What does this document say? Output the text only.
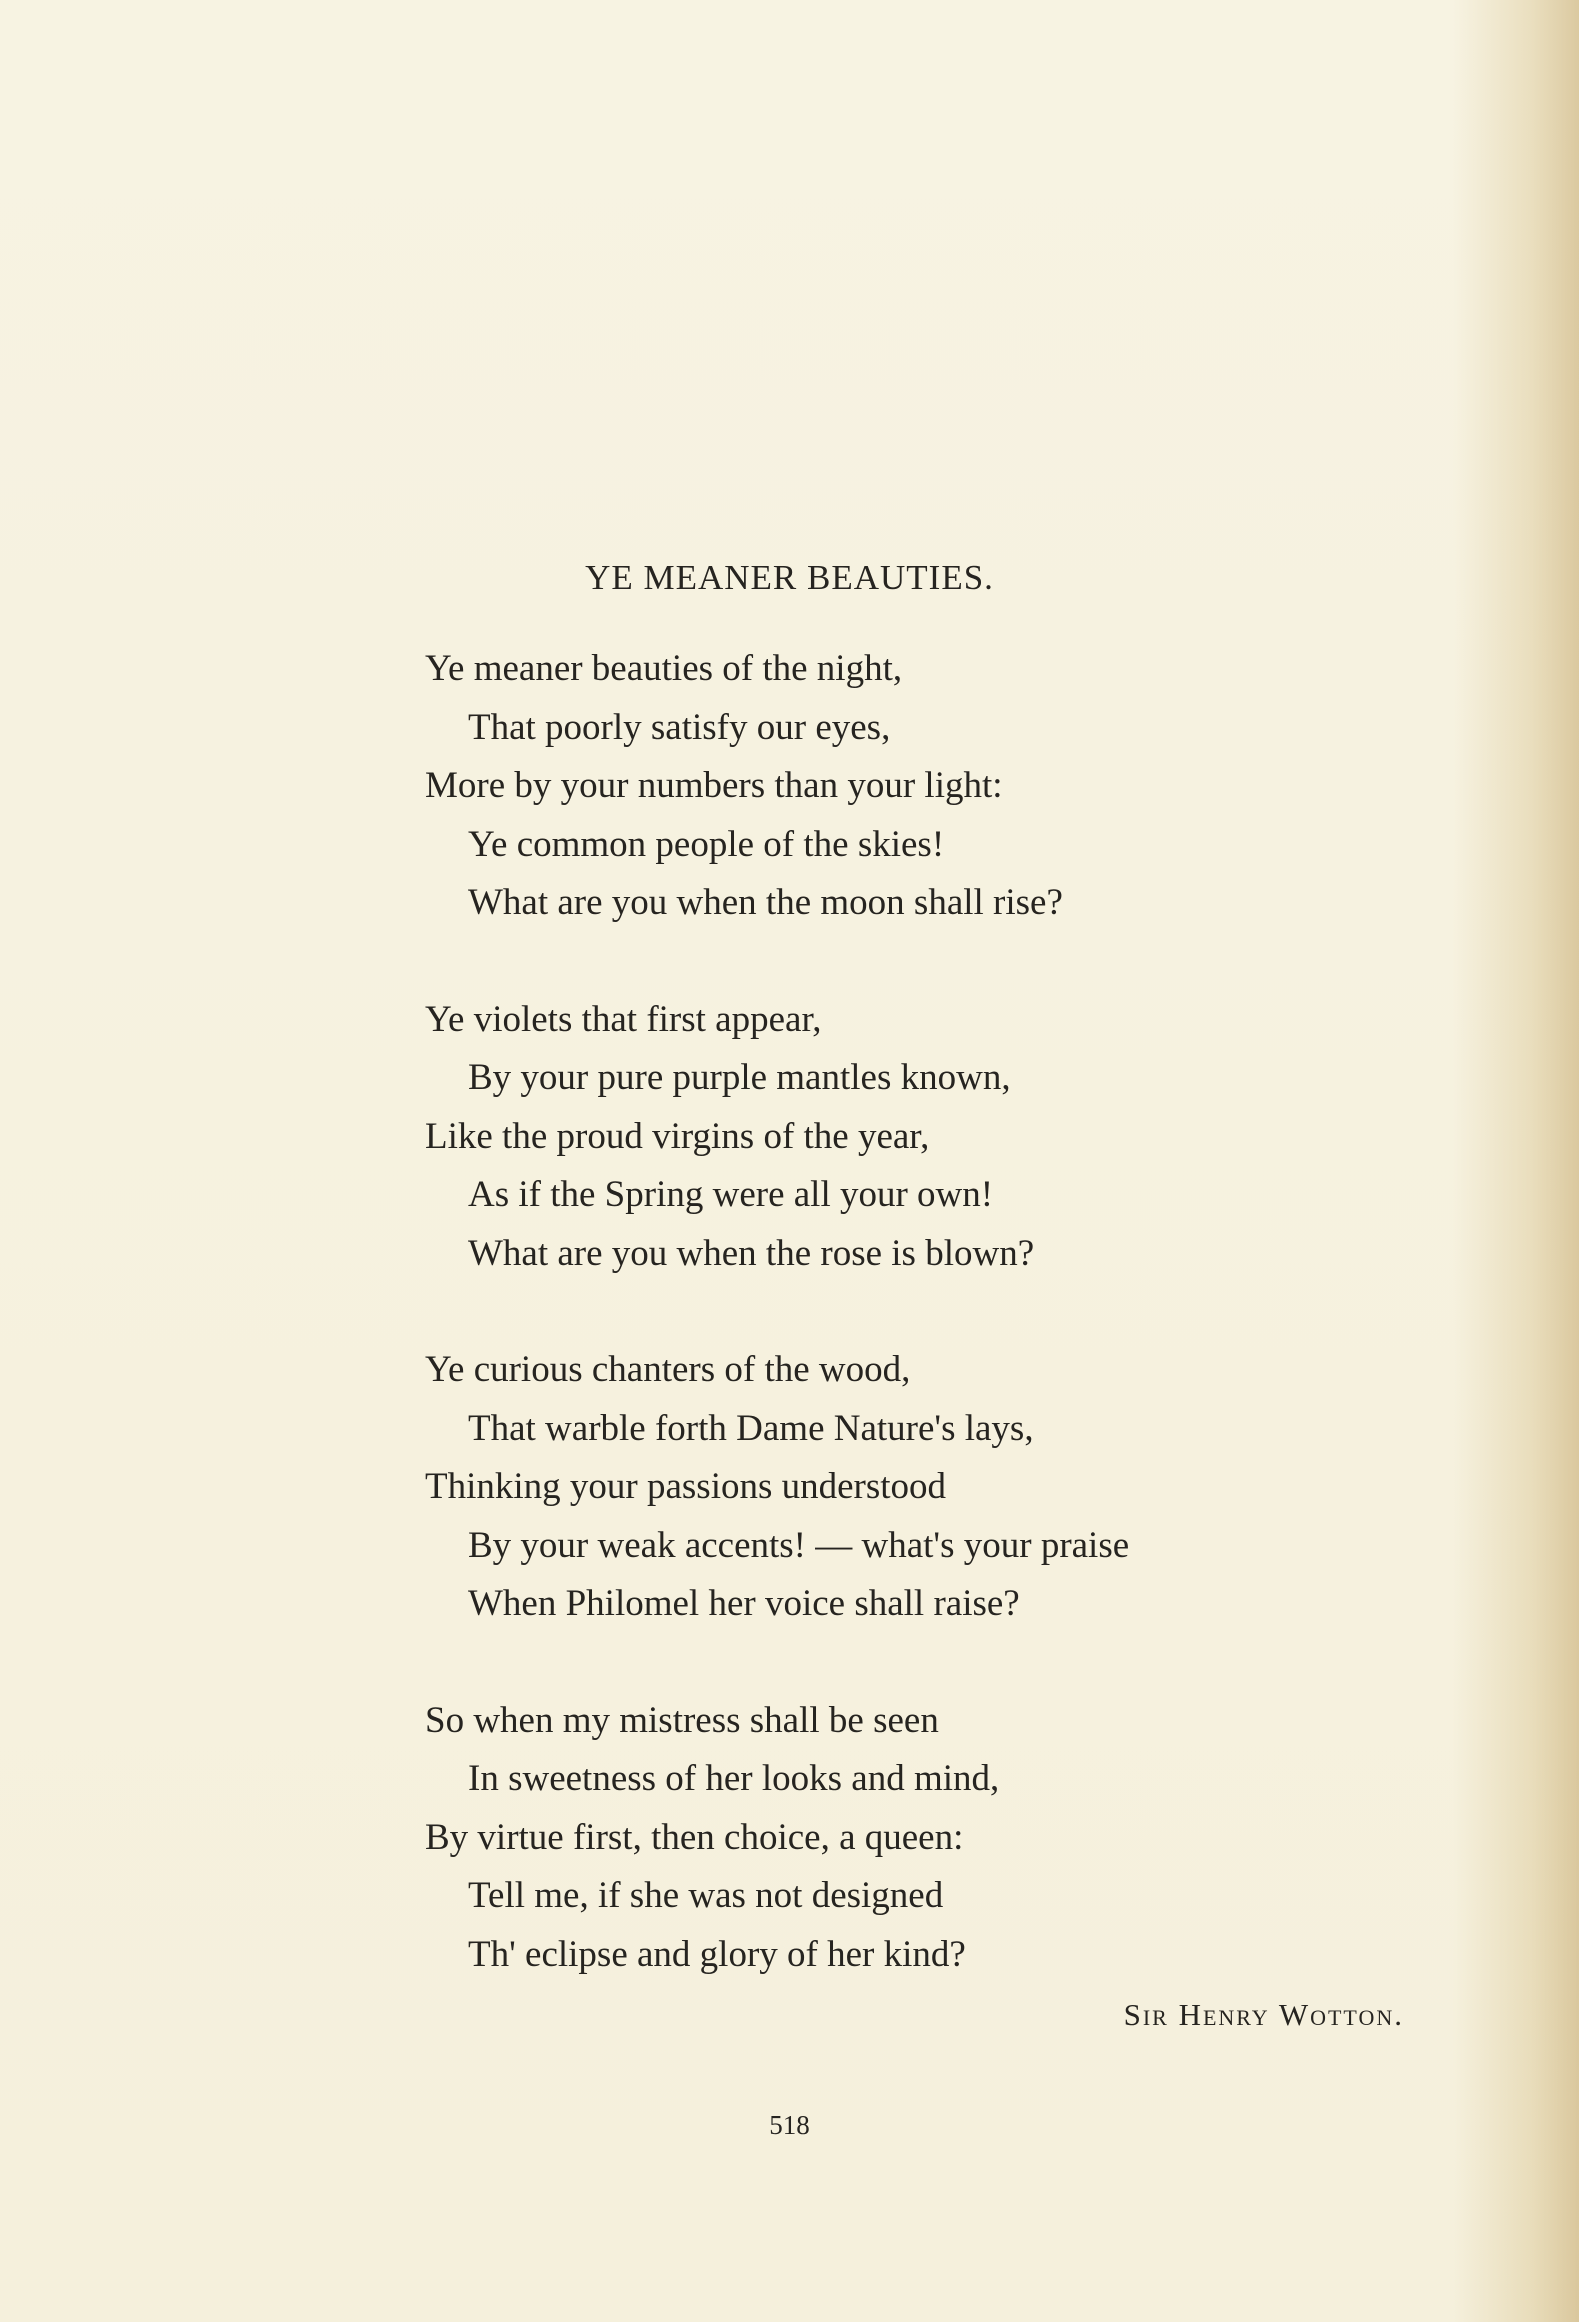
YE MEANER BEAUTIES.
Ye meaner beauties of the night,
That poorly satisfy our eyes,
More by your numbers than your light:
Ye common people of the skies!
What are you when the moon shall rise?
Ye violets that first appear,
By your pure purple mantles known,
Like the proud virgins of the year,
As if the Spring were all your own!
What are you when the rose is blown?
Ye curious chanters of the wood,
That warble forth Dame Nature's lays,
Thinking your passions understood
By your weak accents! — what's your praise
When Philomel her voice shall raise?
So when my mistress shall be seen
In sweetness of her looks and mind,
By virtue first, then choice, a queen:
Tell me, if she was not designed
Th' eclipse and glory of her kind?
Sir Henry Wotton.
518
